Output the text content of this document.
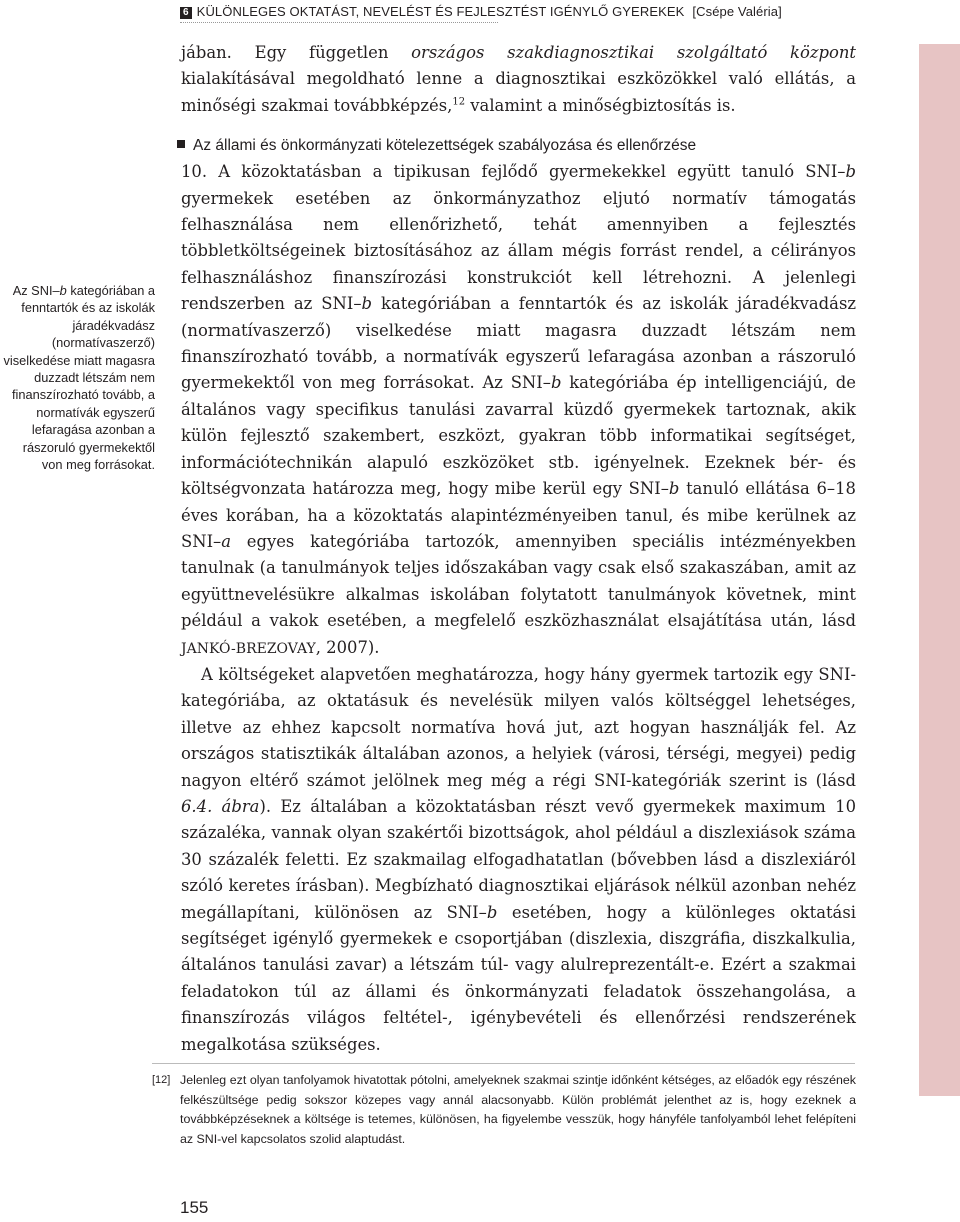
6 KÜLÖNLEGES OKTATÁST, NEVELÉST ÉS FEJLESZTÉST IGÉNYLŐ GYEREKEK [Csépe Valéria]

jában. Egy független országos szakdiagnosztikai szolgáltató központ kialakításával megoldható lenne a diagnosztikai eszközökkel való ellátás, a minőségi szakmai továbbképzés,$^{12}$ valamint a minőségbiztosítás is.

Az állami és önkormányzati kötelezettségek szabályozása és ellenőrzése

10. A közoktatásban a tipikusan fejlődő gyermekekkel együtt tanuló SNI–b gyermekek esetében az önkormányzathoz eljutó normatív támogatás felhasználása nem ellenőrizhető, tehát amennyiben a fejlesztés többletköltségeinek biztosításához az állam mégis forrást rendel, a célirányos felhasználáshoz finanszírozási konstrukciót kell létrehozni. A jelenlegi rendszerben az SNI–b kategóriában a fenntartók és az iskolák járadékvadász (normatívaszerző) viselkedése miatt magasra duzzadt létszám nem finanszírozható tovább, a normatívák egyszerű lefaragása azonban a rászoruló gyermekektől von meg forrásokat. Az SNI–b kategóriába ép intelligenciájú, de általános vagy specifikus tanulási zavarral küzdő gyermekek tartoznak, akik külön fejlesztő szakembert, eszközt, gyakran több informatikai segítséget, információtechnikán alapuló eszközöket stb. igényelnek. Ezeknek bér- és költségvonzata határozza meg, hogy mibe kerül egy SNI–b tanuló ellátása 6–18 éves korában, ha a közoktatás alapintézményeiben tanul, és mibe kerülnek az SNI–a egyes kategóriába tartozók, amennyiben speciális intézményekben tanulnak (a tanulmányok teljes időszakában vagy csak első szakaszában, amit az együttnevelésükre alkalmas iskolában folytatott tanulmányok követnek, mint például a vakok esetében, a megfelelő eszközhasználat elsajátítása után, lásd JANKÓ-BREZOVAY, 2007).

A költségeket alapvetően meghatározza, hogy hány gyermek tartozik egy SNI-kategóriába, az oktatásuk és nevelésük milyen valós költséggel lehetséges, illetve az ehhez kapcsolt normatíva hová jut, azt hogyan használják fel. Az országos statisztikák általában azonos, a helyiek (városi, térségi, megyei) pedig nagyon eltérő számot jelölnek meg még a régi SNI-kategóriák szerint is (lásd 6.4. ábra). Ez általában a közoktatásban részt vevő gyermekek maximum 10 százaléka, vannak olyan szakértői bizottságok, ahol például a diszlexiások száma 30 százalék feletti. Ez szakmailag elfogadhatatlan (bővebben lásd a diszlexiáról szóló keretes írásban). Megbízható diagnosztikai eljárások nélkül azonban nehéz megállapítani, különösen az SNI–b esetében, hogy a különleges oktatási segítséget igénylő gyermekek e csoportjában (diszlexia, diszgráfia, diszkalkulia, általános tanulási zavar) a létszám túl- vagy alulreprezentált-e. Ezért a szakmai feladatokon túl az állami és önkormányzati feladatok összehangolása, a finanszírozás világos feltétel-, igénybevételi és ellenőrzési rendszerének megalkotása szükséges.

Az SNI–b kategóriában a fenntartók és az iskolák járadékvadász (normatívaszerző) viselkedése miatt magasra duzzadt létszám nem finanszírozható tovább, a normatívák egyszerű lefaragása azonban a rászoruló gyermekektől von meg forrásokat.
[12] Jelenleg ezt olyan tanfolyamok hivatottak pótolni, amelyeknek szakmai szintje időnként kétséges, az előadók egy részének felkészültsége pedig sokszor közepes vagy annál alacsonyabb. Külön problémát jelenthet az is, hogy ezeknek a továbbképzéseknek a költsége is tetemes, különösen, ha figyelembe vesszük, hogy hányféle tanfolyamból lehet felépíteni az SNI-vel kapcsolatos szolid alaptudást.
155
